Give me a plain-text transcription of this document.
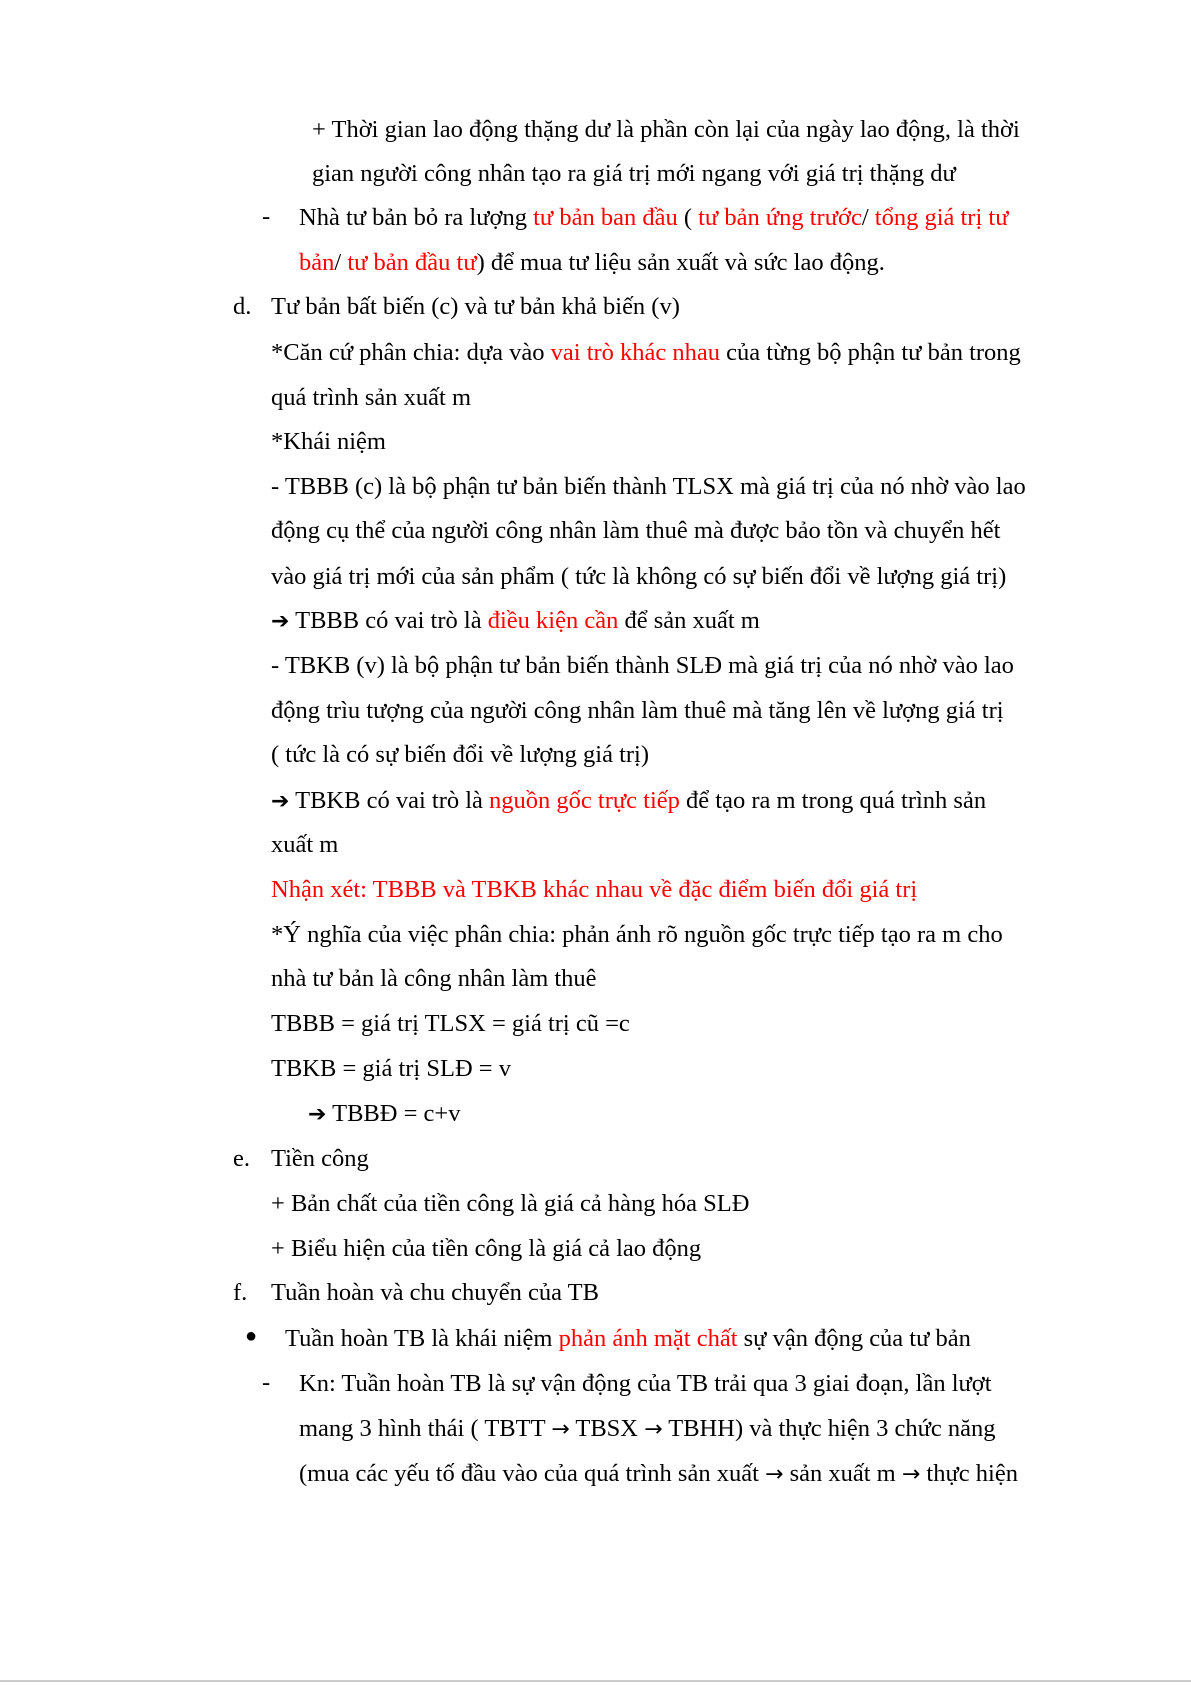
+ Thời gian lao động thặng dư là phần còn lại của ngày lao động, là thời
gian người công nhân tạo ra giá trị mới ngang với giá trị thặng dư
- Nhà tư bản bỏ ra lượng tư bản ban đầu ( tư bản ứng trước/ tổng giá trị tư
bản/ tư bản đầu tư) để mua tư liệu sản xuất và sức lao động.
d. Tư bản bất biến (c) và tư bản khả biến (v)
*Căn cứ phân chia: dựa vào vai trò khác nhau của từng bộ phận tư bản trong
quá trình sản xuất m
*Khái niệm
- TBBB (c) là bộ phận tư bản biến thành TLSX mà giá trị của nó nhờ vào lao
động cụ thể của người công nhân làm thuê mà được bảo tồn và chuyển hết
vào giá trị mới của sản phẩm ( tức là không có sự biến đổi về lượng giá trị)
➔ TBBB có vai trò là điều kiện cần để sản xuất m
- TBKB (v) là bộ phận tư bản biến thành SLĐ mà giá trị của nó nhờ vào lao
động trìu tượng của người công nhân làm thuê mà tăng lên về lượng giá trị
( tức là có sự biến đổi về lượng giá trị)
➔ TBKB có vai trò là nguồn gốc trực tiếp để tạo ra m trong quá trình sản
xuất m
Nhận xét: TBBB và TBKB khác nhau về đặc điểm biến đổi giá trị
*Ý nghĩa của việc phân chia: phản ánh rõ nguồn gốc trực tiếp tạo ra m cho
nhà tư bản là công nhân làm thuê
TBBB = giá trị TLSX = giá trị cũ =c
TBKB = giá trị SLĐ = v
➔ TBBĐ = c+v
e. Tiền công
+ Bản chất của tiền công là giá cả hàng hóa SLĐ
+ Biểu hiện của tiền công là giá cả lao động
f. Tuần hoàn và chu chuyển của TB
● Tuần hoàn TB là khái niệm phản ánh mặt chất sự vận động của tư bản
- Kn: Tuần hoàn TB là sự vận động của TB trải qua 3 giai đoạn, lần lượt
mang 3 hình thái ( TBTT → TBSX → TBHH) và thực hiện 3 chức năng
(mua các yếu tố đầu vào của quá trình sản xuất → sản xuất m → thực hiện
